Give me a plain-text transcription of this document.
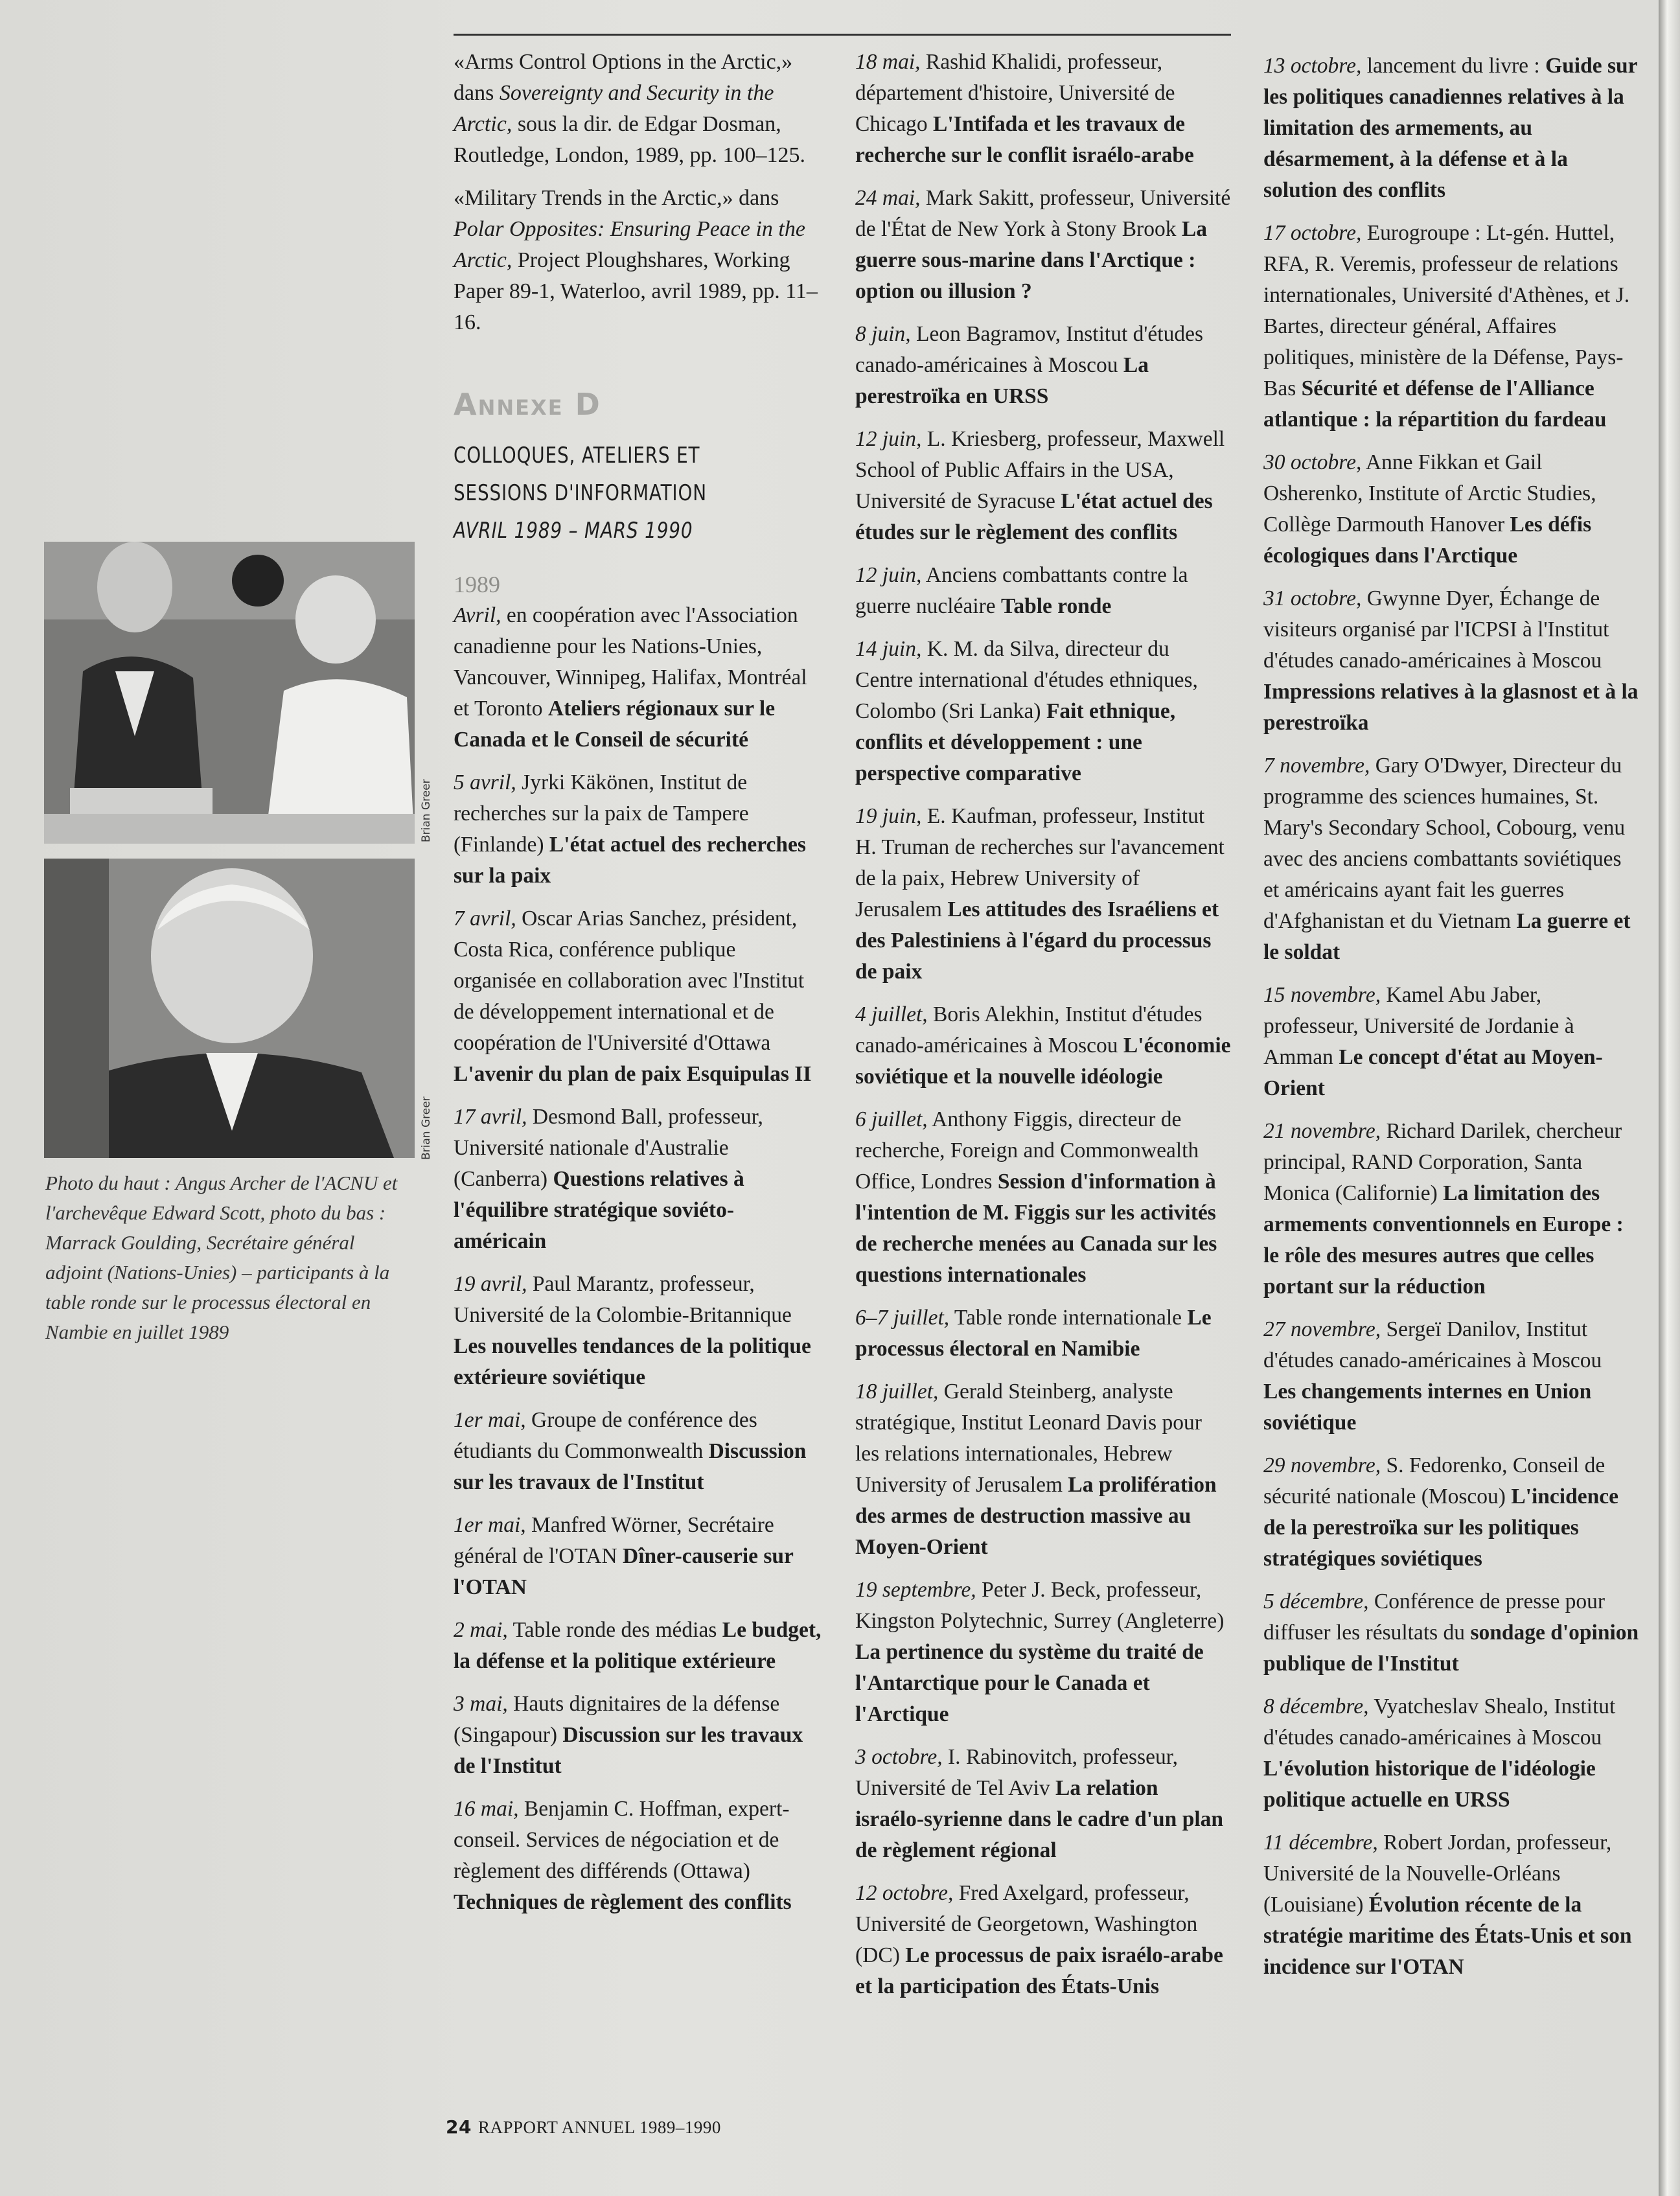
Brian Greer
Brian Greer
Photo du haut : Angus Archer de l'ACNU et l'archevêque Edward Scott, photo du bas : Marrack Goulding, Secrétaire général adjoint (Nations-Unies) – participants à la table ronde sur le processus électoral en Nambie en juillet 1989

«Arms Control Options in the Arctic,» dans Sovereignty and Security in the Arctic, sous la dir. de Edgar Dosman, Routledge, London, 1989, pp. 100–125.

«Military Trends in the Arctic,» dans Polar Opposites: Ensuring Peace in the Arctic, Project Ploughshares, Working Paper 89-1, Waterloo, avril 1989, pp. 11–16.

Annexe D
COLLOQUES, ATELIERS ET
SESSIONS D'INFORMATION
AVRIL 1989 – MARS 1990
1989
Avril, en coopération avec l'Association canadienne pour les Nations-Unies, Vancouver, Winnipeg, Halifax, Montréal et Toronto Ateliers régionaux sur le Canada et le Conseil de sécurité
5 avril, Jyrki Käkönen, Institut de recherches sur la paix de Tampere (Finlande) L'état actuel des recherches sur la paix
7 avril, Oscar Arias Sanchez, président, Costa Rica, conférence publique organisée en collaboration avec l'Institut de développement international et de coopération de l'Université d'Ottawa L'avenir du plan de paix Esquipulas II
17 avril, Desmond Ball, professeur, Université nationale d'Australie (Canberra) Questions relatives à l'équilibre stratégique soviéto-américain
19 avril, Paul Marantz, professeur, Université de la Colombie-Britannique Les nouvelles tendances de la politique extérieure soviétique
1er mai, Groupe de conférence des étudiants du Commonwealth Discussion sur les travaux de l'Institut
1er mai, Manfred Wörner, Secrétaire général de l'OTAN Dîner-causerie sur l'OTAN
2 mai, Table ronde des médias Le budget, la défense et la politique extérieure
3 mai, Hauts dignitaires de la défense (Singapour) Discussion sur les travaux de l'Institut
16 mai, Benjamin C. Hoffman, expert-conseil. Services de négociation et de règlement des différends (Ottawa) Techniques de règlement des conflits
18 mai, Rashid Khalidi, professeur, département d'histoire, Université de Chicago L'Intifada et les travaux de recherche sur le conflit israélo-arabe
24 mai, Mark Sakitt, professeur, Université de l'État de New York à Stony Brook La guerre sous-marine dans l'Arctique : option ou illusion ?
8 juin, Leon Bagramov, Institut d'études canado-américaines à Moscou La perestroïka en URSS
12 juin, L. Kriesberg, professeur, Maxwell School of Public Affairs in the USA, Université de Syracuse L'état actuel des études sur le règlement des conflits
12 juin, Anciens combattants contre la guerre nucléaire Table ronde
14 juin, K. M. da Silva, directeur du Centre international d'études ethniques, Colombo (Sri Lanka) Fait ethnique, conflits et développement : une perspective comparative
19 juin, E. Kaufman, professeur, Institut H. Truman de recherches sur l'avancement de la paix, Hebrew University of Jerusalem Les attitudes des Israéliens et des Palestiniens à l'égard du processus de paix
4 juillet, Boris Alekhin, Institut d'études canado-américaines à Moscou L'économie soviétique et la nouvelle idéologie
6 juillet, Anthony Figgis, directeur de recherche, Foreign and Commonwealth Office, Londres Session d'information à l'intention de M. Figgis sur les activités de recherche menées au Canada sur les questions internationales
6–7 juillet, Table ronde internationale Le processus électoral en Namibie
18 juillet, Gerald Steinberg, analyste stratégique, Institut Leonard Davis pour les relations internationales, Hebrew University of Jerusalem La prolifération des armes de destruction massive au Moyen-Orient
19 septembre, Peter J. Beck, professeur, Kingston Polytechnic, Surrey (Angleterre) La pertinence du système du traité de l'Antarctique pour le Canada et l'Arctique
3 octobre, I. Rabinovitch, professeur, Université de Tel Aviv La relation israélo-syrienne dans le cadre d'un plan de règlement régional
12 octobre, Fred Axelgard, professeur, Université de Georgetown, Washington (DC) Le processus de paix israélo-arabe et la participation des États-Unis
13 octobre, lancement du livre : Guide sur les politiques canadiennes relatives à la limitation des armements, au désarmement, à la défense et à la solution des conflits
17 octobre, Eurogroupe : Lt-gén. Huttel, RFA, R. Veremis, professeur de relations internationales, Université d'Athènes, et J. Bartes, directeur général, Affaires politiques, ministère de la Défense, Pays-Bas Sécurité et défense de l'Alliance atlantique : la répartition du fardeau
30 octobre, Anne Fikkan et Gail Osherenko, Institute of Arctic Studies, Collège Darmouth Hanover Les défis écologiques dans l'Arctique
31 octobre, Gwynne Dyer, Échange de visiteurs organisé par l'ICPSI à l'Institut d'études canado-américaines à Moscou Impressions relatives à la glasnost et à la perestroïka
7 novembre, Gary O'Dwyer, Directeur du programme des sciences humaines, St. Mary's Secondary School, Cobourg, venu avec des anciens combattants soviétiques et américains ayant fait les guerres d'Afghanistan et du Vietnam La guerre et le soldat
15 novembre, Kamel Abu Jaber, professeur, Université de Jordanie à Amman Le concept d'état au Moyen-Orient
21 novembre, Richard Darilek, chercheur principal, RAND Corporation, Santa Monica (Californie) La limitation des armements conventionnels en Europe : le rôle des mesures autres que celles portant sur la réduction
27 novembre, Sergeï Danilov, Institut d'études canado-américaines à Moscou Les changements internes en Union soviétique
29 novembre, S. Fedorenko, Conseil de sécurité nationale (Moscou) L'incidence de la perestroïka sur les politiques stratégiques soviétiques
5 décembre, Conférence de presse pour diffuser les résultats du sondage d'opinion publique de l'Institut
8 décembre, Vyatcheslav Shealo, Institut d'études canado-américaines à Moscou L'évolution historique de l'idéologie politique actuelle en URSS
11 décembre, Robert Jordan, professeur, Université de la Nouvelle-Orléans (Louisiane) Évolution récente de la stratégie maritime des États-Unis et son incidence sur l'OTAN
24 RAPPORT ANNUEL 1989–1990
